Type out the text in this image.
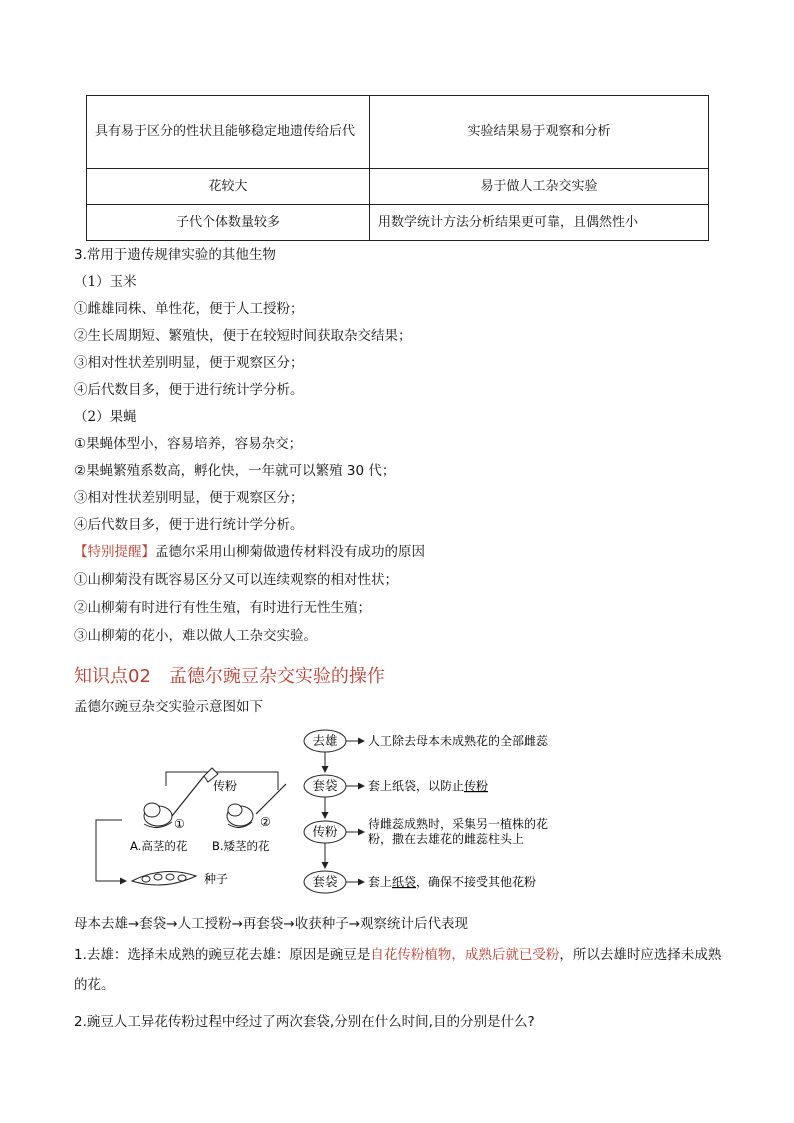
具有易于区分的性状且能够稳定地遗传给后代	实验结果易于观察和分析
花较大	易于做人工杂交实验
子代个体数量较多	用数学统计方法分析结果更可靠，且偶然性小
3.常用于遗传规律实验的其他生物
（1）玉米
①雌雄同株、单性花，便于人工授粉；
②生长周期短、繁殖快，便于在较短时间获取杂交结果；
③相对性状差别明显，便于观察区分；
④后代数目多，便于进行统计学分析。
（2）果蝇
①果蝇体型小，容易培养，容易杂交；
②果蝇繁殖系数高，孵化快，一年就可以繁殖 30 代；
③相对性状差别明显，便于观察区分；
④后代数目多，便于进行统计学分析。
【特别提醒】孟德尔采用山柳菊做遗传材料没有成功的原因
①山柳菊没有既容易区分又可以连续观察的相对性状；
②山柳菊有时进行有性生殖，有时进行无性生殖；
③山柳菊的花小，难以做人工杂交实验。
知识点02 孟德尔豌豆杂交实验的操作
孟德尔豌豆杂交实验示意图如下
传粉
①	②
A.高茎的花 B.矮茎的花
种子
去雄	人工除去母本未成熟花的全部雌蕊
套袋	套上纸袋，以防止传粉
传粉	待雌蕊成熟时，采集另一植株的花
粉，撒在去雄花的雌蕊柱头上
套袋	套上纸袋，确保不接受其他花粉
母本去雄→套袋→人工授粉→再套袋→收获种子→观察统计后代表现
1.去雄：选择未成熟的豌豆花去雄：原因是豌豆是自花传粉植物，成熟后就已受粉，所以去雄时应选择未成熟的花。
2.豌豆人工异花传粉过程中经过了两次套袋,分别在什么时间,目的分别是什么?
